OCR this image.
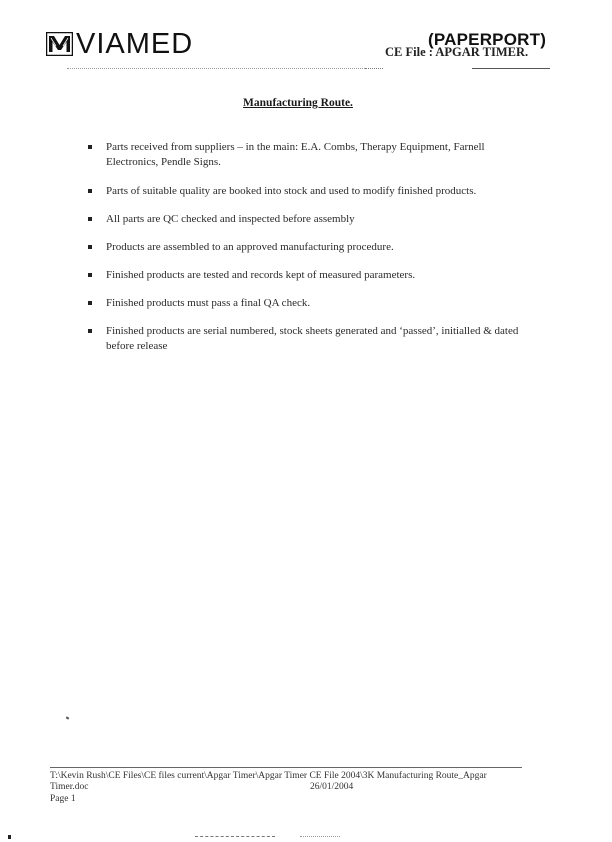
VIAMED	(PAPERPORT)
CE File : APGAR TIMER.
Manufacturing Route.
Parts received from suppliers – in the main: E.A. Combs, Therapy Equipment, Farnell Electronics, Pendle Signs.
Parts of suitable quality are booked into stock and used to modify finished products.
All parts are QC checked and inspected before assembly
Products are assembled to an approved manufacturing procedure.
Finished products are tested and records kept of measured parameters.
Finished products must pass a final QA check.
Finished products are serial numbered, stock sheets generated and ‘passed’, initialled & dated before release
T:\Kevin Rush\CE Files\CE files current\Apgar Timer\Apgar Timer CE File 2004\3K Manufacturing Route_Apgar
Timer.doc	26/01/2004
Page 1
